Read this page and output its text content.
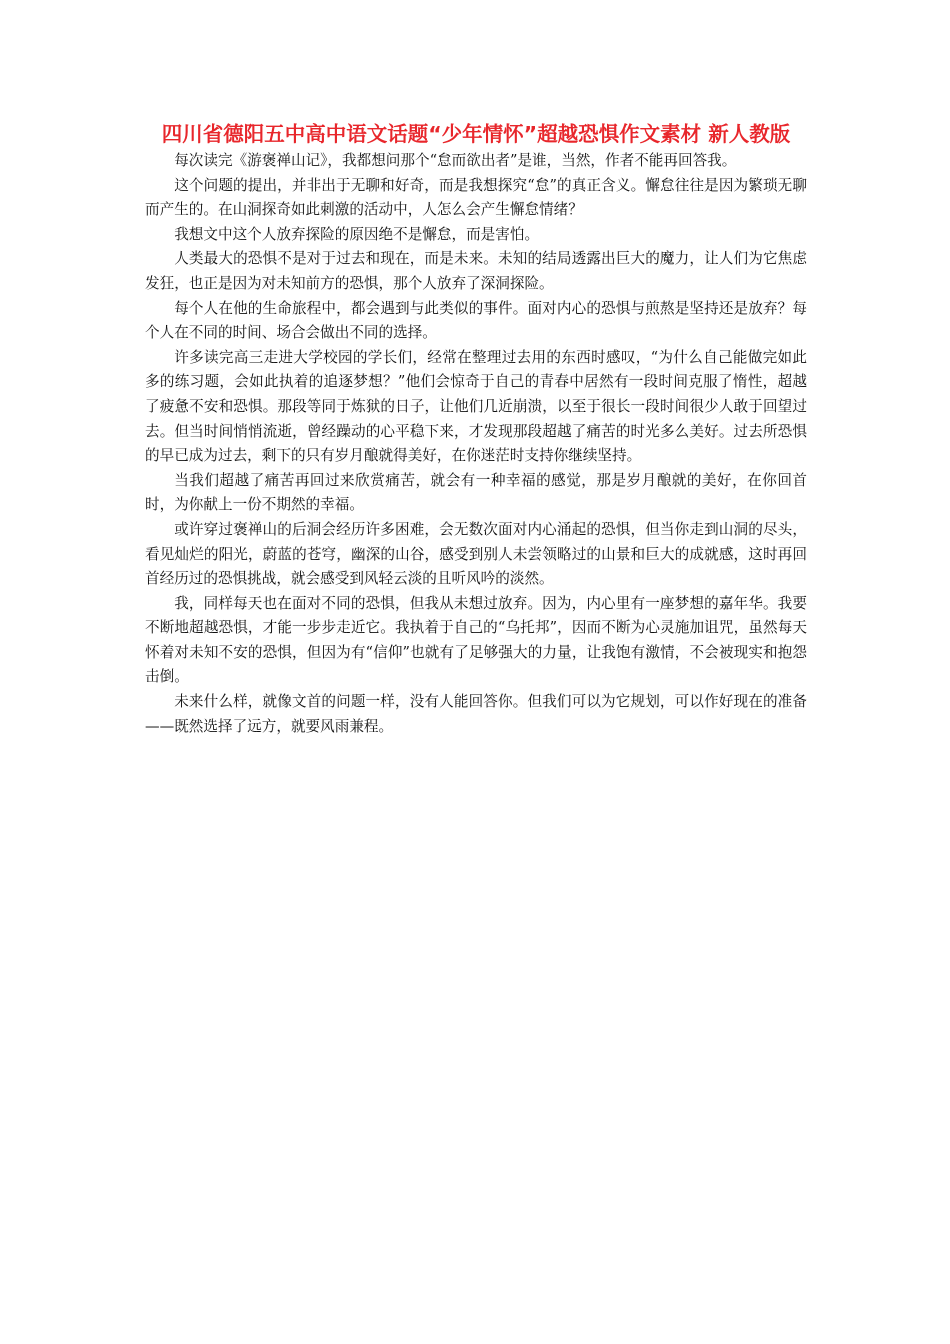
四川省德阳五中高中语文话题“少年情怀”超越恐惧作文素材 新人教版

每次读完《游褒禅山记》，我都想问那个“怠而欲出者”是谁，当然，作者不能再回答我。

这个问题的提出，并非出于无聊和好奇，而是我想探究“怠”的真正含义。懈怠往往是因为繁琐无聊而产生的。在山洞探奇如此刺激的活动中，人怎么会产生懈怠情绪？

我想文中这个人放弃探险的原因绝不是懈怠，而是害怕。

人类最大的恐惧不是对于过去和现在，而是未来。未知的结局透露出巨大的魔力，让人们为它焦虑发狂，也正是因为对未知前方的恐惧，那个人放弃了深洞探险。

每个人在他的生命旅程中，都会遇到与此类似的事件。面对内心的恐惧与煎熬是坚持还是放弃？每个人在不同的时间、场合会做出不同的选择。

许多读完高三走进大学校园的学长们，经常在整理过去用的东西时感叹，“为什么自己能做完如此多的练习题，会如此执着的追逐梦想？”他们会惊奇于自己的青春中居然有一段时间克服了惰性，超越了疲惫不安和恐惧。那段等同于炼狱的日子，让他们几近崩溃，以至于很长一段时间很少人敢于回望过去。但当时间悄悄流逝，曾经躁动的心平稳下来，才发现那段超越了痛苦的时光多么美好。过去所恐惧的早已成为过去，剩下的只有岁月酿就得美好，在你迷茫时支持你继续坚持。

当我们超越了痛苦再回过来欣赏痛苦，就会有一种幸福的感觉，那是岁月酿就的美好，在你回首时，为你献上一份不期然的幸福。

或许穿过褒禅山的后洞会经历许多困难，会无数次面对内心涌起的恐惧，但当你走到山洞的尽头，看见灿烂的阳光，蔚蓝的苍穹，幽深的山谷，感受到别人未尝领略过的山景和巨大的成就感，这时再回首经历过的恐惧挑战，就会感受到风轻云淡的且听风吟的淡然。

我，同样每天也在面对不同的恐惧，但我从未想过放弃。因为，内心里有一座梦想的嘉年华。我要不断地超越恐惧，才能一步步走近它。我执着于自己的“乌托邦”，因而不断为心灵施加诅咒，虽然每天怀着对未知不安的恐惧，但因为有“信仰”也就有了足够强大的力量，让我饱有激情，不会被现实和抱怨击倒。

未来什么样，就像文首的问题一样，没有人能回答你。但我们可以为它规划，可以作好现在的准备——既然选择了远方，就要风雨兼程。
